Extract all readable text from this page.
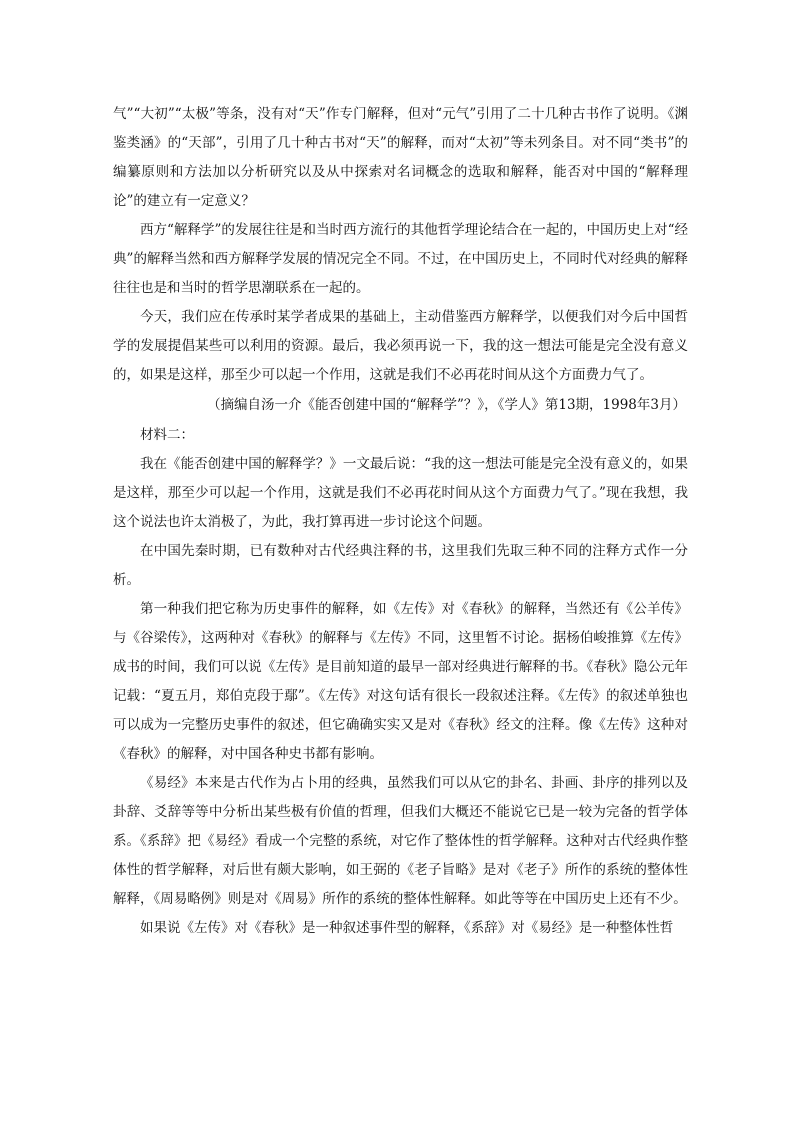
气”“大初”“太极”等条，没有对“天”作专门解释，但对“元气”引用了二十几种古书作了说明。《渊鉴类涵》的“天部”，引用了几十种古书对“天”的解释，而对“太初”等未列条目。对不同“类书”的编纂原则和方法加以分析研究以及从中探索对名词概念的选取和解释，能否对中国的“解释理论”的建立有一定意义？

西方“解释学”的发展往往是和当时西方流行的其他哲学理论结合在一起的，中国历史上对“经典”的解释当然和西方解释学发展的情况完全不同。不过，在中国历史上，不同时代对经典的解释往往也是和当时的哲学思潮联系在一起的。

今天，我们应在传承时某学者成果的基础上，主动借鉴西方解释学，以便我们对今后中国哲学的发展提倡某些可以利用的资源。最后，我必须再说一下，我的这一想法可能是完全没有意义的，如果是这样，那至少可以起一个作用，这就是我们不必再花时间从这个方面费力气了。

（摘编自汤一介《能否创建中国的“解释学”？》，《学人》第13期，1998年3月）

材料二：

我在《能否创建中国的解释学？》一文最后说：“我的这一想法可能是完全没有意义的，如果是这样，那至少可以起一个作用，这就是我们不必再花时间从这个方面费力气了。”现在我想，我这个说法也许太消极了，为此，我打算再进一步讨论这个问题。

在中国先秦时期，已有数种对古代经典注释的书，这里我们先取三种不同的注释方式作一分析。

第一种我们把它称为历史事件的解释，如《左传》对《春秋》的解释，当然还有《公羊传》与《谷梁传》，这两种对《春秋》的解释与《左传》不同，这里暂不讨论。据杨伯峻推算《左传》成书的时间，我们可以说《左传》是目前知道的最早一部对经典进行解释的书。《春秋》隐公元年记载：“夏五月，郑伯克段于鄢”。《左传》对这句话有很长一段叙述注释。《左传》的叙述单独也可以成为一完整历史事件的叙述，但它确确实实又是对《春秋》经文的注释。像《左传》这种对《春秋》的解释，对中国各种史书都有影响。

《易经》本来是古代作为占卜用的经典，虽然我们可以从它的卦名、卦画、卦序的排列以及卦辞、爻辞等等中分析出某些极有价值的哲理，但我们大概还不能说它已是一较为完备的哲学体系。《系辞》把《易经》看成一个完整的系统，对它作了整体性的哲学解释。这种对古代经典作整体性的哲学解释，对后世有颇大影响，如王弼的《老子旨略》是对《老子》所作的系统的整体性解释，《周易略例》则是对《周易》所作的系统的整体性解释。如此等等在中国历史上还有不少。

如果说《左传》对《春秋》是一种叙述事件型的解释，《系辞》对《易经》是一种整体性哲
